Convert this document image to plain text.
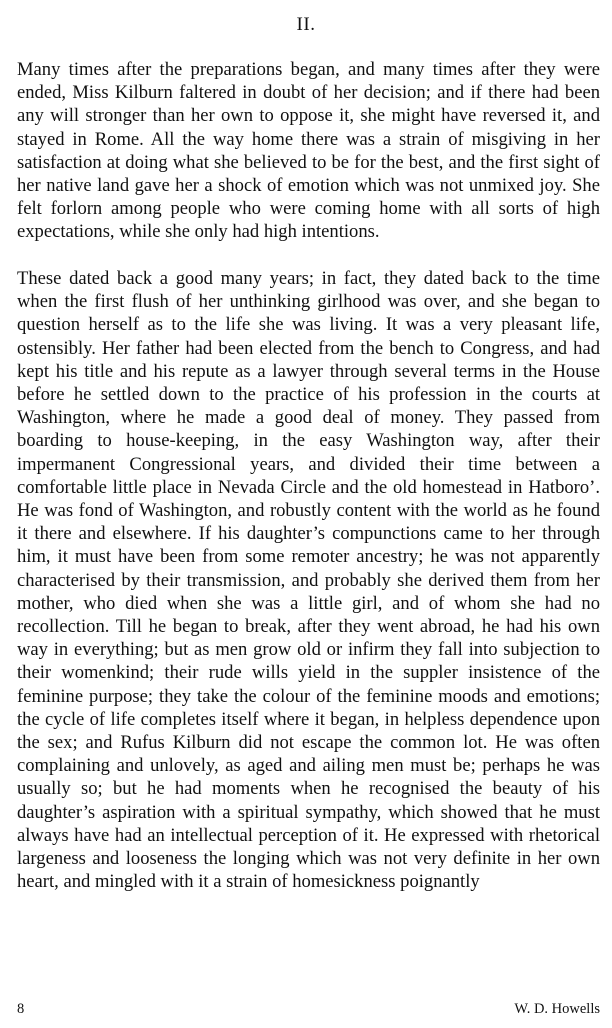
II.

Many times after the preparations began, and many times after they were ended, Miss Kilburn faltered in doubt of her decision; and if there had been any will stronger than her own to oppose it, she might have reversed it, and stayed in Rome. All the way home there was a strain of misgiving in her satisfaction at doing what she believed to be for the best, and the first sight of her native land gave her a shock of emotion which was not unmixed joy. She felt forlorn among people who were coming home with all sorts of high expectations, while she only had high intentions.

These dated back a good many years; in fact, they dated back to the time when the first flush of her unthinking girlhood was over, and she began to question herself as to the life she was living. It was a very pleasant life, ostensibly. Her father had been elected from the bench to Congress, and had kept his title and his repute as a lawyer through several terms in the House before he settled down to the practice of his profession in the courts at Washington, where he made a good deal of money. They passed from boarding to house-keeping, in the easy Washington way, after their impermanent Congressional years, and divided their time between a comfortable little place in Nevada Circle and the old homestead in Hatboro’. He was fond of Washington, and robustly content with the world as he found it there and elsewhere. If his daughter’s compunctions came to her through him, it must have been from some remoter ancestry; he was not apparently characterised by their transmission, and probably she derived them from her mother, who died when she was a little girl, and of whom she had no recollection. Till he began to break, after they went abroad, he had his own way in everything; but as men grow old or infirm they fall into subjection to their womenkind; their rude wills yield in the suppler insistence of the feminine purpose; they take the colour of the feminine moods and emotions; the cycle of life completes itself where it began, in helpless dependence upon the sex; and Rufus Kilburn did not escape the common lot. He was often complaining and unlovely, as aged and ailing men must be; perhaps he was usually so; but he had moments when he recognised the beauty of his daughter’s aspiration with a spiritual sympathy, which showed that he must always have had an intellectual perception of it. He expressed with rhetorical largeness and looseness the longing which was not very definite in her own heart, and mingled with it a strain of homesickness poignantly

8	W. D. Howells
